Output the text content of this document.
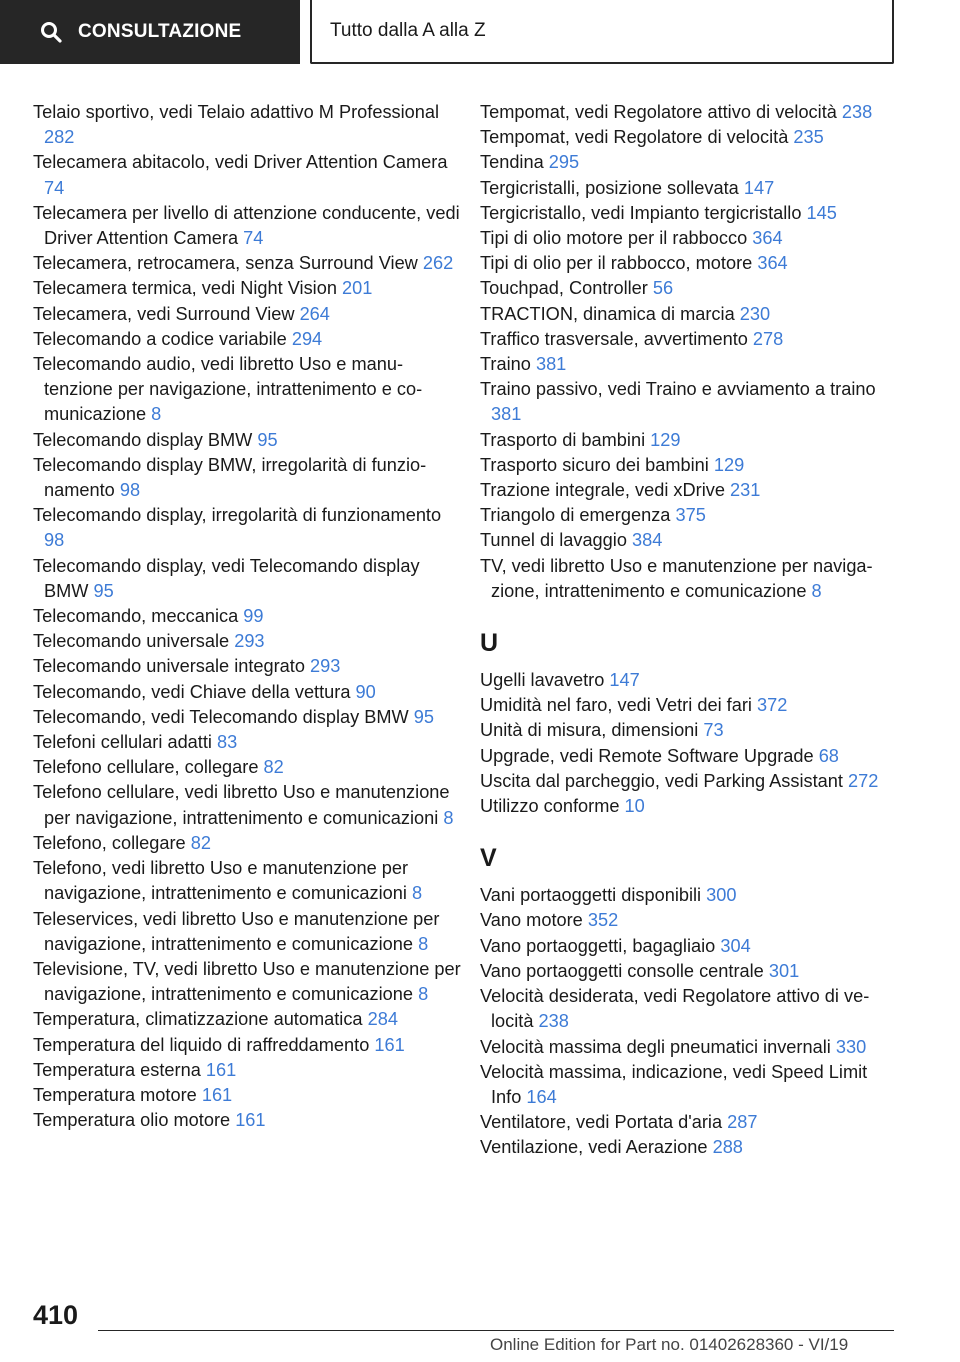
CONSULTAZIONE	Tutto dalla A alla Z
Telaio sportivo, vedi Telaio adattivo M Professional 282
Telecamera abitacolo, vedi Driver Attention Camera 74
Telecamera per livello di attenzione conducente, vedi Driver Attention Camera 74
Telecamera, retrocamera, senza Surround View 262
Telecamera termica, vedi Night Vision 201
Telecamera, vedi Surround View 264
Telecomando a codice variabile 294
Telecomando audio, vedi libretto Uso e manutenzione per navigazione, intrattenimento e comunicazione 8
Telecomando display BMW 95
Telecomando display BMW, irregolarità di funzionamento 98
Telecomando display, irregolarità di funzionamento 98
Telecomando display, vedi Telecomando display BMW 95
Telecomando, meccanica 99
Telecomando universale 293
Telecomando universale integrato 293
Telecomando, vedi Chiave della vettura 90
Telecomando, vedi Telecomando display BMW 95
Telefoni cellulari adatti 83
Telefono cellulare, collegare 82
Telefono cellulare, vedi libretto Uso e manutenzione per navigazione, intrattenimento e comunicazioni 8
Telefono, collegare 82
Telefono, vedi libretto Uso e manutenzione per navigazione, intrattenimento e comunicazioni 8
Teleservices, vedi libretto Uso e manutenzione per navigazione, intrattenimento e comunicazione 8
Televisione, TV, vedi libretto Uso e manutenzione per navigazione, intrattenimento e comunicazione 8
Temperatura, climatizzazione automatica 284
Temperatura del liquido di raffreddamento 161
Temperatura esterna 161
Temperatura motore 161
Temperatura olio motore 161
Tempomat, vedi Regolatore attivo di velocità 238
Tempomat, vedi Regolatore di velocità 235
Tendina 295
Tergicristalli, posizione sollevata 147
Tergicristallo, vedi Impianto tergicristallo 145
Tipi di olio motore per il rabbocco 364
Tipi di olio per il rabbocco, motore 364
Touchpad, Controller 56
TRACTION, dinamica di marcia 230
Traffico trasversale, avvertimento 278
Traino 381
Traino passivo, vedi Traino e avviamento a traino 381
Trasporto di bambini 129
Trasporto sicuro dei bambini 129
Trazione integrale, vedi xDrive 231
Triangolo di emergenza 375
Tunnel di lavaggio 384
TV, vedi libretto Uso e manutenzione per navigazione, intrattenimento e comunicazione 8
U
Ugelli lavavetro 147
Umidità nel faro, vedi Vetri dei fari 372
Unità di misura, dimensioni 73
Upgrade, vedi Remote Software Upgrade 68
Uscita dal parcheggio, vedi Parking Assistant 272
Utilizzo conforme 10
V
Vani portaoggetti disponibili 300
Vano motore 352
Vano portaoggetti, bagagliaio 304
Vano portaoggetti consolle centrale 301
Velocità desiderata, vedi Regolatore attivo di velocità 238
Velocità massima degli pneumatici invernali 330
Velocità massima, indicazione, vedi Speed Limit Info 164
Ventilatore, vedi Portata d'aria 287
Ventilazione, vedi Aerazione 288
410
Online Edition for Part no. 01402628360 - VI/19
